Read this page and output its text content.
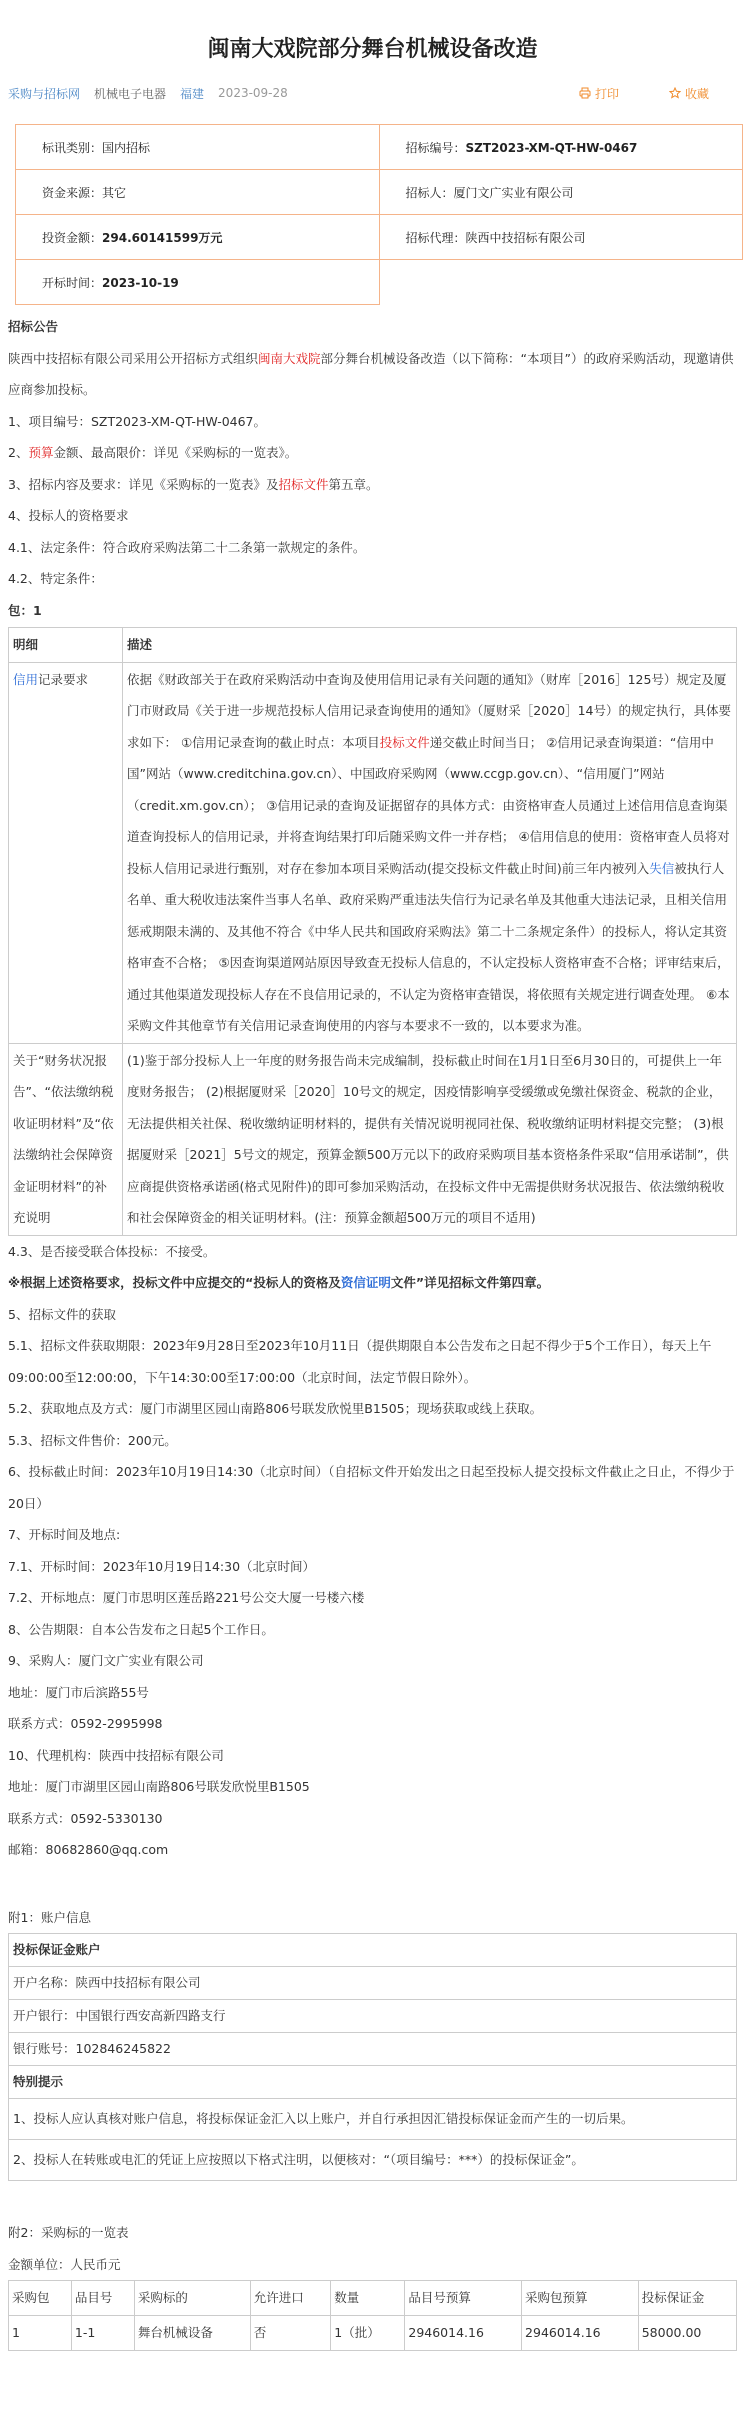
闽南大戏院部分舞台机械设备改造
采购与招标网 机械电子电器 福建 2023-09-28	打印	收藏
标讯类别：国内招标	招标编号：SZT2023-XM-QT-HW-0467
资金来源：其它	招标人：厦门文广实业有限公司
投资金额：294.60141599万元	招标代理：陕西中技招标有限公司
开标时间：2023-10-19	

招标公告

陕西中技招标有限公司采用公开招标方式组织闽南大戏院部分舞台机械设备改造（以下简称：“本项目”）的政府采购活动，现邀请供应商参加投标。

1、项目编号：SZT2023-XM-QT-HW-0467。

2、预算金额、最高限价：详见《采购标的一览表》。

3、招标内容及要求：详见《采购标的一览表》及招标文件第五章。

4、投标人的资格要求

4.1、法定条件：符合政府采购法第二十二条第一款规定的条件。

4.2、特定条件：

包：1

明细	描述
信用记录要求	依据《财政部关于在政府采购活动中查询及使用信用记录有关问题的通知》（财库［2016］125号）规定及厦门市财政局《关于进一步规范投标人信用记录查询使用的通知》（厦财采［2020］14号）的规定执行，具体要求如下： ①信用记录查询的截止时点：本项目投标文件递交截止时间当日； ②信用记录查询渠道：“信用中国”网站（www.creditchina.gov.cn）、中国政府采购网（www.ccgp.gov.cn）、“信用厦门”网站（credit.xm.gov.cn）； ③信用记录的查询及证据留存的具体方式：由资格审查人员通过上述信用信息查询渠道查询投标人的信用记录，并将查询结果打印后随采购文件一并存档； ④信用信息的使用：资格审查人员将对投标人信用记录进行甄别，对存在参加本项目采购活动(提交投标文件截止时间)前三年内被列入失信被执行人名单、重大税收违法案件当事人名单、政府采购严重违法失信行为记录名单及其他重大违法记录，且相关信用惩戒期限未满的、及其他不符合《中华人民共和国政府采购法》第二十二条规定条件）的投标人，将认定其资格审查不合格； ⑤因查询渠道网站原因导致查无投标人信息的，不认定投标人资格审查不合格；评审结束后，通过其他渠道发现投标人存在不良信用记录的，不认定为资格审查错误，将依照有关规定进行调查处理。 ⑥本采购文件其他章节有关信用记录查询使用的内容与本要求不一致的，以本要求为准。
关于“财务状况报告”、“依法缴纳税收证明材料”及“依法缴纳社会保障资金证明材料”的补充说明	(1)鉴于部分投标人上一年度的财务报告尚未完成编制，投标截止时间在1月1日至6月30日的，可提供上一年度财务报告； (2)根据厦财采［2020］10号文的规定，因疫情影响享受缓缴或免缴社保资金、税款的企业，无法提供相关社保、税收缴纳证明材料的，提供有关情况说明视同社保、税收缴纳证明材料提交完整； (3)根据厦财采［2021］5号文的规定，预算金额500万元以下的政府采购项目基本资格条件采取“信用承诺制”，供应商提供资格承诺函(格式见附件)的即可参加采购活动，在投标文件中无需提供财务状况报告、依法缴纳税收和社会保障资金的相关证明材料。(注：预算金额超500万元的项目不适用)

4.3、是否接受联合体投标：不接受。

※根据上述资格要求，投标文件中应提交的“投标人的资格及资信证明文件”详见招标文件第四章。

5、招标文件的获取

5.1、招标文件获取期限：2023年9月28日至2023年10月11日（提供期限自本公告发布之日起不得少于5个工作日），每天上午09:00:00至12:00:00，下午14:30:00至17:00:00（北京时间，法定节假日除外）。

5.2、获取地点及方式：厦门市湖里区园山南路806号联发欣悦里B1505；现场获取或线上获取。

5.3、招标文件售价：200元。

6、投标截止时间：2023年10月19日14:30（北京时间）（自招标文件开始发出之日起至投标人提交投标文件截止之日止，不得少于20日）

7、开标时间及地点:

7.1、开标时间：2023年10月19日14:30（北京时间）

7.2、开标地点：厦门市思明区莲岳路221号公交大厦一号楼六楼

8、公告期限：自本公告发布之日起5个工作日。

9、采购人：厦门文广实业有限公司

地址：厦门市后滨路55号

联系方式：0592-2995998

10、代理机构：陕西中技招标有限公司

地址：厦门市湖里区园山南路806号联发欣悦里B1505

联系方式：0592-5330130

邮箱：80682860@qq.com

附1：账户信息

投标保证金账户
开户名称：陕西中技招标有限公司
开户银行：中国银行西安高新四路支行
银行账号：102846245822
特别提示
1、投标人应认真核对账户信息，将投标保证金汇入以上账户，并自行承担因汇错投标保证金而产生的一切后果。
2、投标人在转账或电汇的凭证上应按照以下格式注明，以便核对：“（项目编号：***）的投标保证金”。

附2：采购标的一览表

金额单位：人民币元

采购包	品目号	采购标的	允许进口	数量	品目号预算	采购包预算	投标保证金
1	1-1	舞台机械设备	否	1（批）	2946014.16	2946014.16	58000.00
